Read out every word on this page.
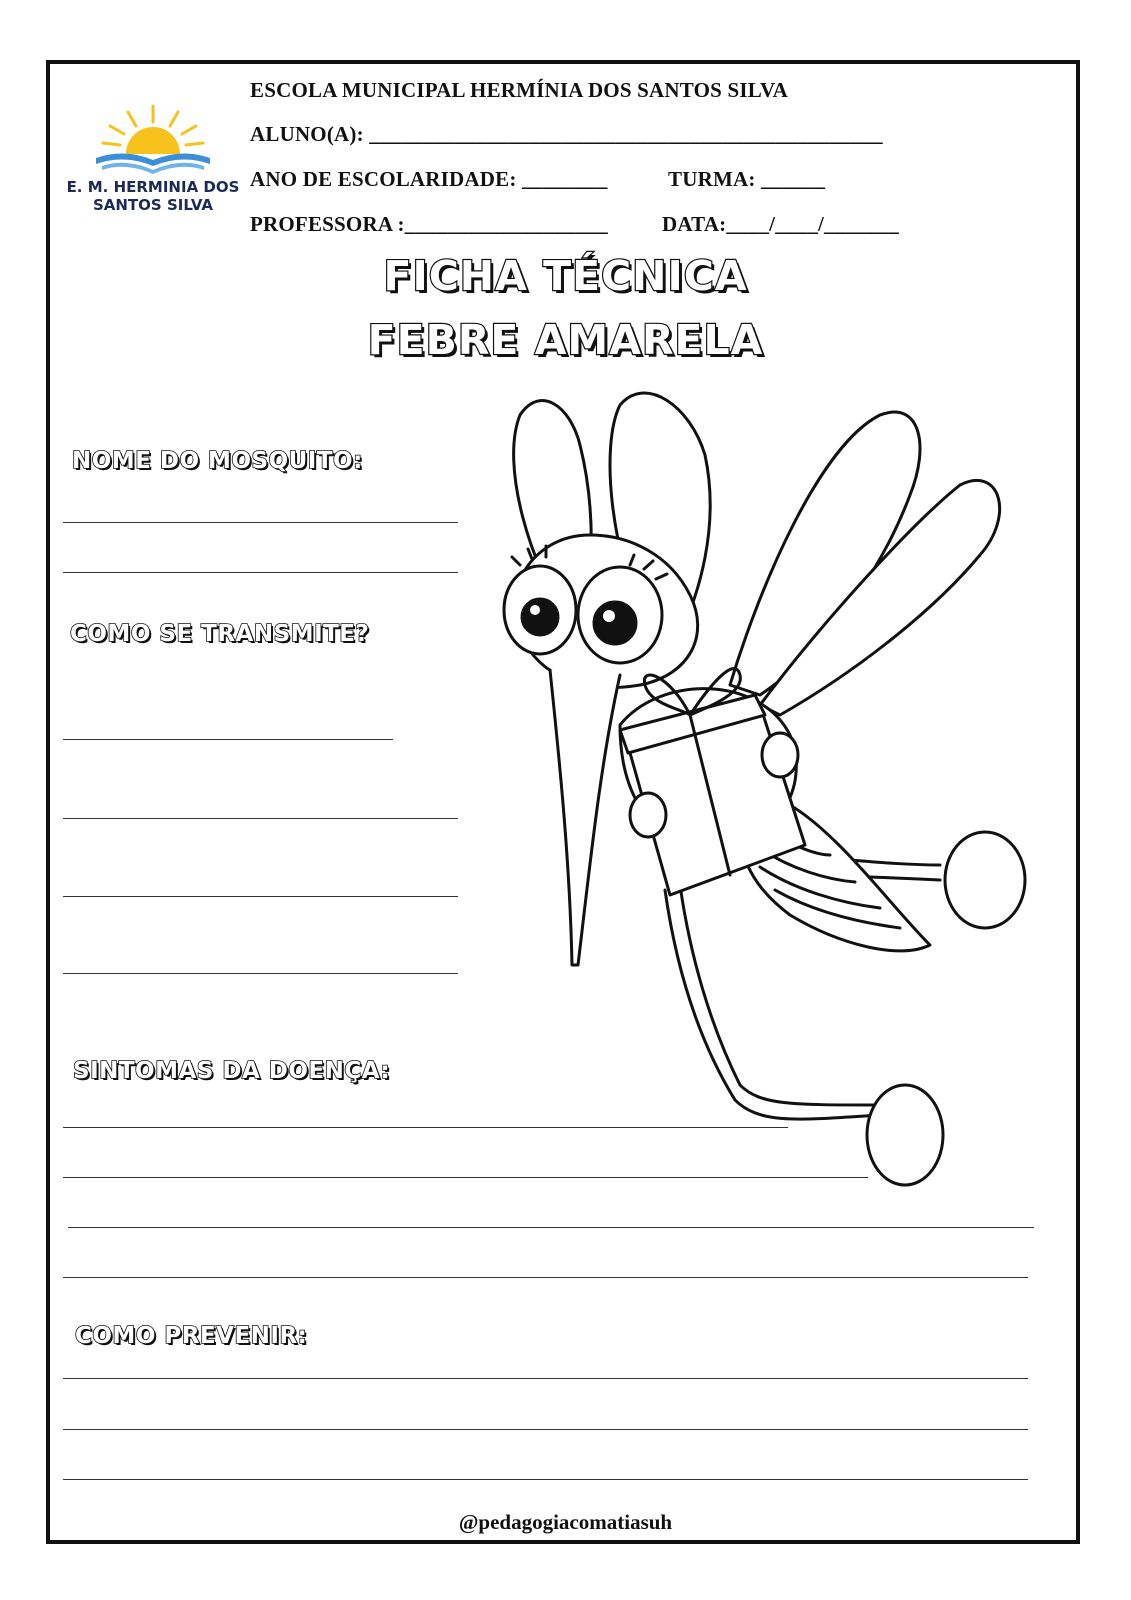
E. M. HERMINIA DOS
SANTOS SILVA
ESCOLA MUNICIPAL HERMÍNIA DOS SANTOS SILVA
ALUNO(A): ________________________________________________
ANO DE ESCOLARIDADE: ________	TURMA: ______
PROFESSORA :___________________	DATA:____/____/_______
FICHA TÉCNICA
FEBRE AMARELA
NOME DO MOSQUITO:
COMO SE TRANSMITE?
SINTOMAS DA DOENÇA:
COMO PREVENIR:
@pedagogiacomatiasuh
